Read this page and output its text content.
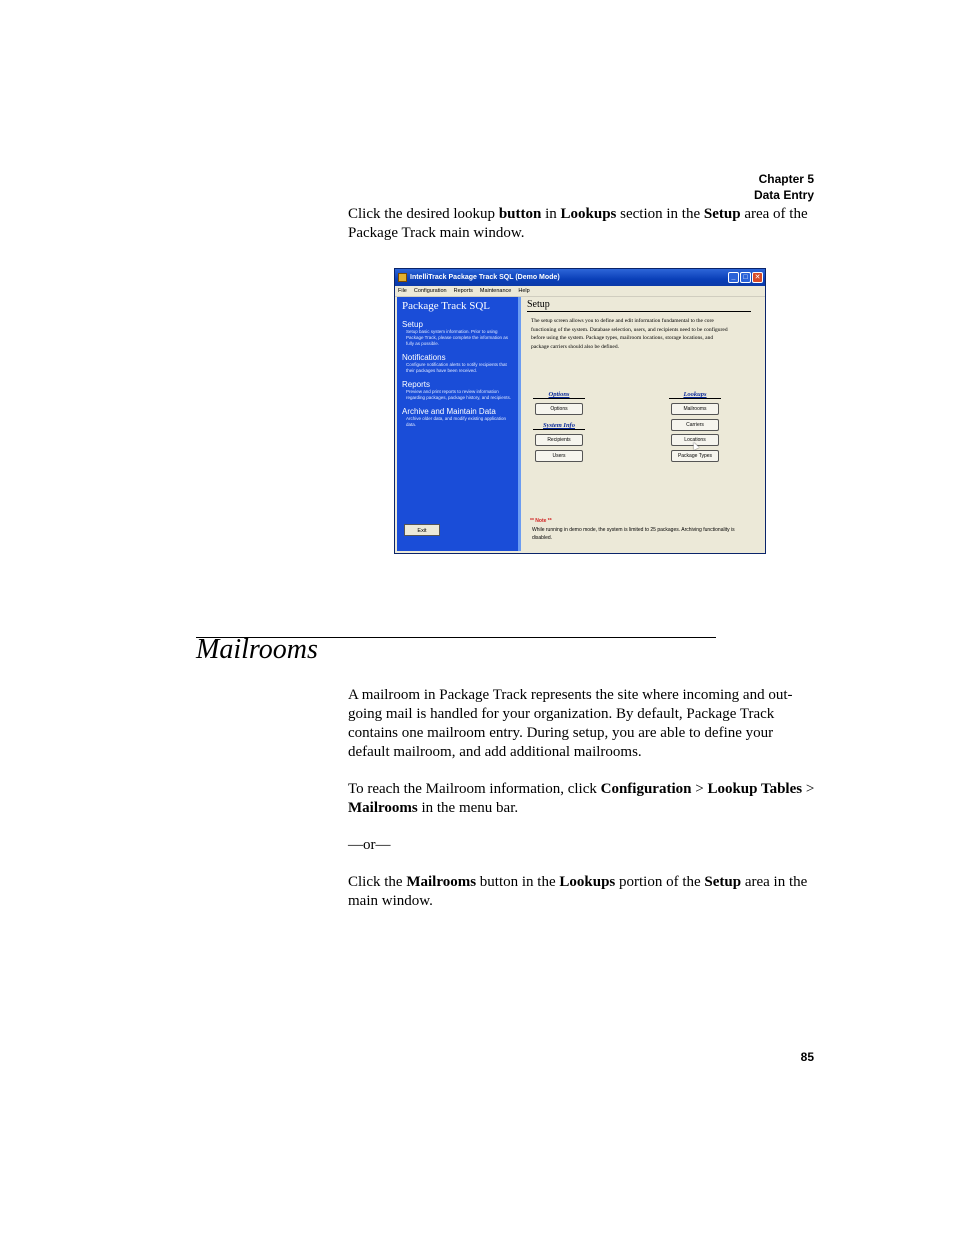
Chapter 5
Data Entry
Click the desired lookup button in Lookups section in the Setup area of the Package Track main window.
IntelliTrack Package Track SQL (Demo Mode)	_	□ ✕
File Configuration Reports Maintenance Help
Package Track SQL
Setup
Setup basic system information. Prior to using Package Track, please complete the information as fully as possible.
Notifications
Configure notification alerts to notify recipients that their packages have been received.
Reports
Preview and print reports to review information regarding packages, package history, and recipients.
Archive and Maintain Data
Archive older data, and modify existing application data.
Exit
Setup
The setup screen allows you to define and edit information fundamental to the core functioning of the system. Database selection, users, and recipients need to be configured before using the system. Package types, mailroom locations, storage locations, and package carriers should also be defined.
Options
Options
System Info
Recipients
Users
Lookups
Mailrooms
Carriers
Locations
Package Types
** Note **
While running in demo mode, the system is limited to 25 packages. Archiving functionality is disabled.
Mailrooms
A mailroom in Package Track represents the site where incoming and out-going mail is handled for your organization. By default, Package Track contains one mailroom entry. During setup, you are able to define your default mailroom, and add additional mailrooms.
To reach the Mailroom information, click Configuration > Lookup Tables > Mailrooms in the menu bar.
—or—
Click the Mailrooms button in the Lookups portion of the Setup area in the main window.
85
